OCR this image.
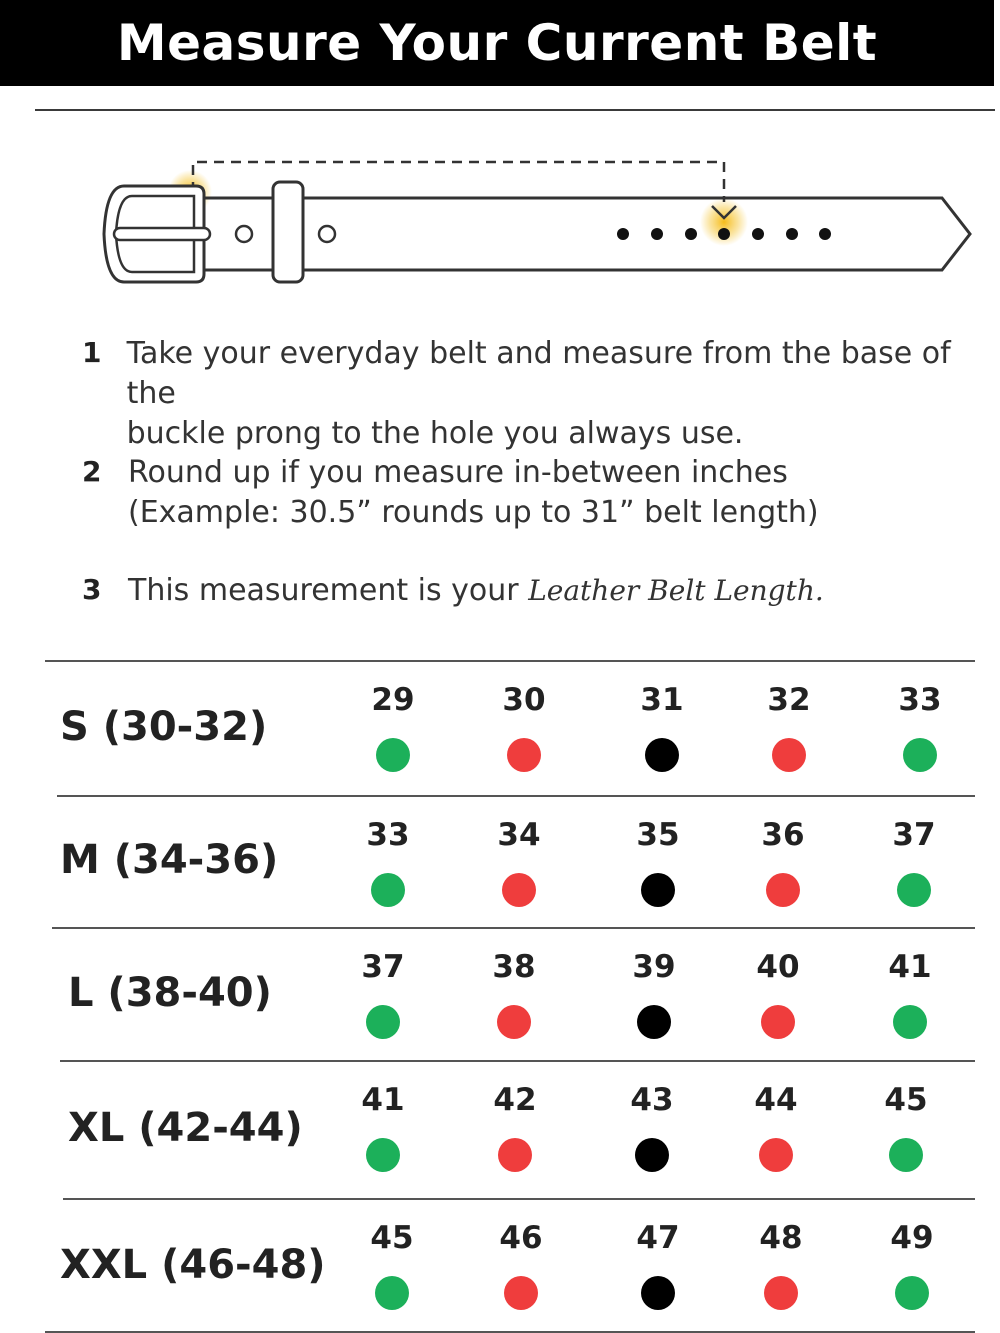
Measure Your Current Belt
1 Take your everyday belt and measure from the base of the
buckle prong to the hole you always use.
2 Round up if you measure in-between inches
(Example: 30.5” rounds up to 31” belt length)
3 This measurement is your Leather Belt Length.
S (30-32)
29	30	31	32	33
M (34-36)
33	34	35	36	37
L (38-40)
37	38	39	40	41
XL (42-44)
41	42	43	44	45
XXL (46-48)
45	46	47	48	49
